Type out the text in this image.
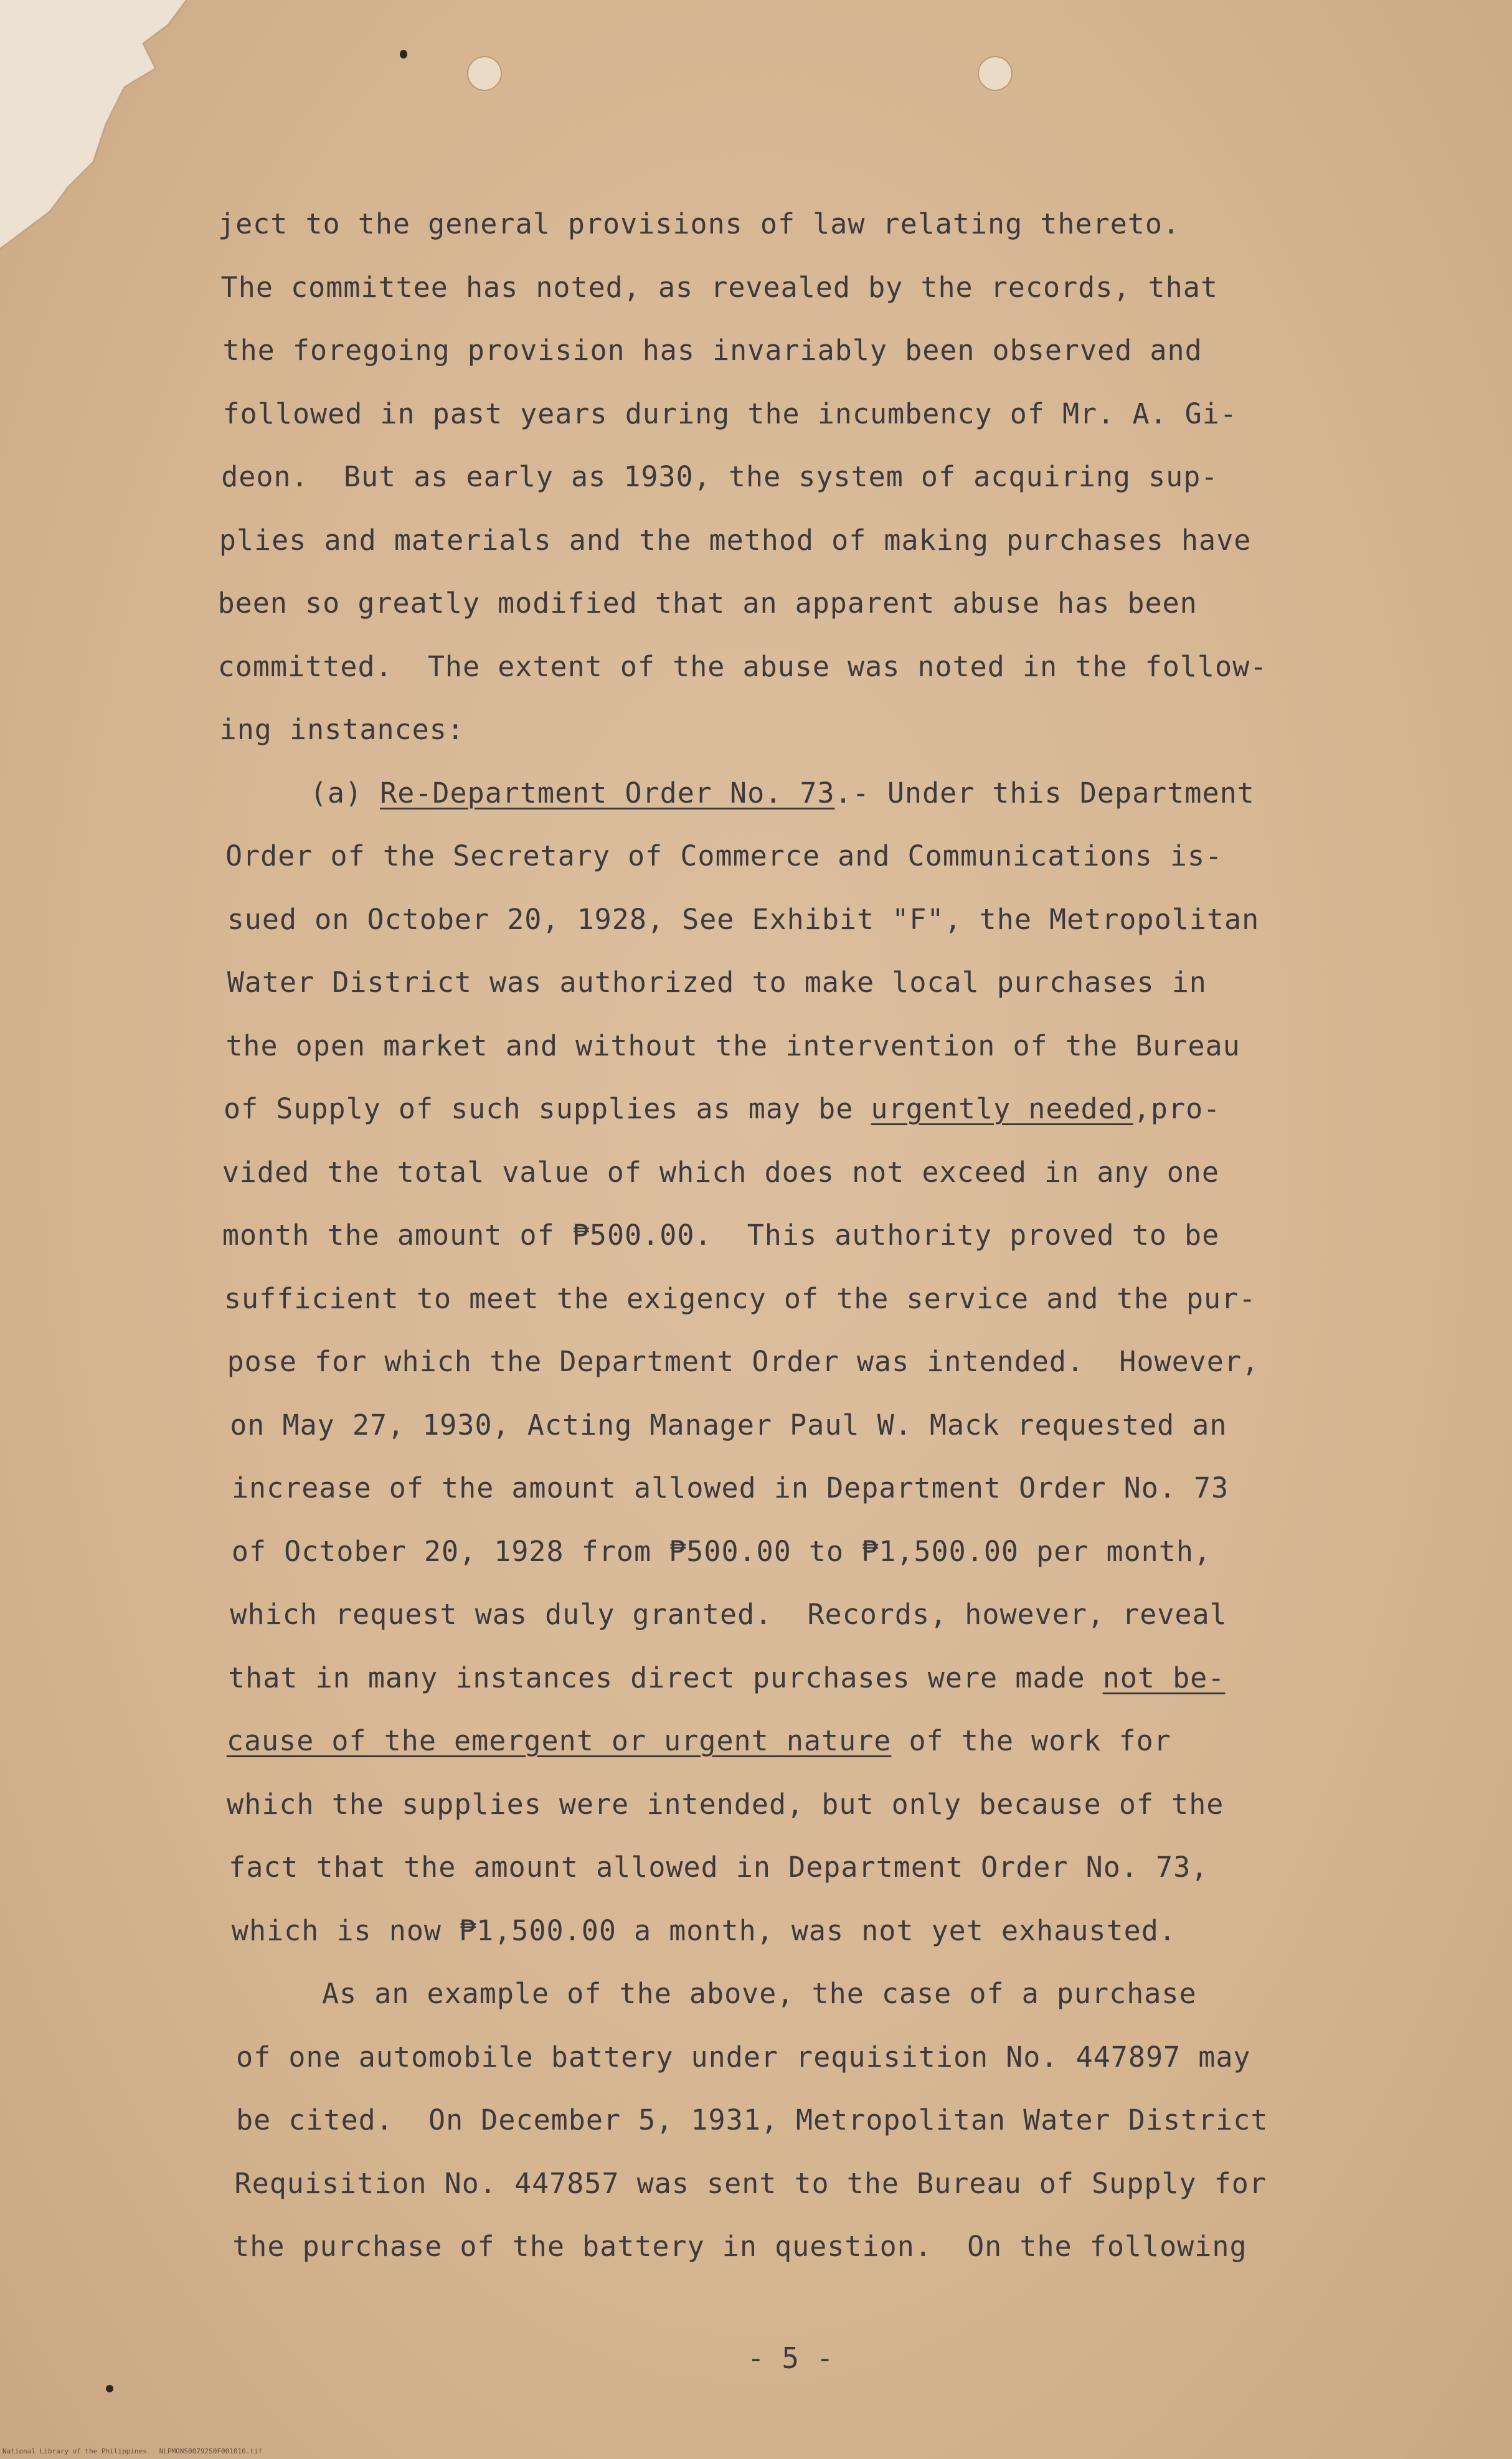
ject to the general provisions of law relating thereto.
The committee has noted, as revealed by the records, that
the foregoing provision has invariably been observed and
followed in past years during the incumbency of Mr. A. Gi-
deon.  But as early as 1930, the system of acquiring sup-
plies and materials and the method of making purchases have
been so greatly modified that an apparent abuse has been
committed.  The extent of the abuse was noted in the follow-
ing instances:
(a) Re-Department Order No. 73.- Under this Department
Order of the Secretary of Commerce and Communications is-
sued on October 20, 1928, See Exhibit "F", the Metropolitan
Water District was authorized to make local purchases in
the open market and without the intervention of the Bureau
of Supply of such supplies as may be urgently needed,pro-
vided the total value of which does not exceed in any one
month the amount of ₱500.00.  This authority proved to be
sufficient to meet the exigency of the service and the pur-
pose for which the Department Order was intended.  However,
on May 27, 1930, Acting Manager Paul W. Mack requested an
increase of the amount allowed in Department Order No. 73
of October 20, 1928 from ₱500.00 to ₱1,500.00 per month,
which request was duly granted.  Records, however, reveal
that in many instances direct purchases were made not be-
cause of the emergent or urgent nature of the work for
which the supplies were intended, but only because of the
fact that the amount allowed in Department Order No. 73,
which is now ₱1,500.00 a month, was not yet exhausted.
As an example of the above, the case of a purchase
of one automobile battery under requisition No. 447897 may
be cited.  On December 5, 1931, Metropolitan Water District
Requisition No. 447857 was sent to the Bureau of Supply for
the purchase of the battery in question.  On the following
- 5 -
National Library of the Philippines   NLPMONS00792S0F001010.tif
